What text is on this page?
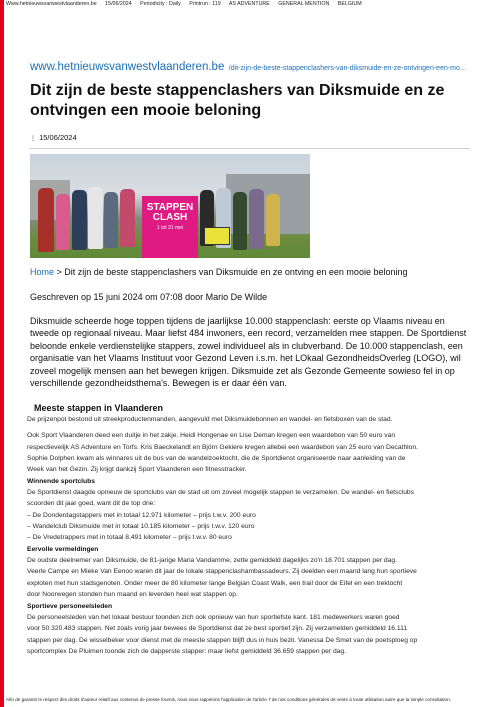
Www.hetnieuwsvanwestvlaanderen.be 15/06/2024 Periodicity : Daily Printrun : 119 AS ADVENTURE GENERAL MENTION BELGIUM
www.hetnieuwsvanwestvlaanderen.be /dit-zijn-de-beste-stappenclashers-van-diksmuide-en-ze-ontvingen-een-mo…
Dit zijn de beste stappenclashers van Diksmuide en ze ontvingen een mooie beloning
⋮ 15/06/2024
STAPPEN CLASH
1 tot 31 mei
Home > Dit zijn de beste stappenclashers van Diksmuide en ze ontving en een mooie beloning
Geschreven op 15 juni 2024 om 07:08 door Mario De Wilde

Diksmuide scheerde hoge toppen tijdens de jaarlijkse 10.000 stappenclash: eerste op Vlaams niveau en tweede op regionaal niveau. Maar liefst 484 inwoners, een record, verzamelden mee stappen. De Sportdienst beloonde enkele verdienstelijke stappers, zowel individueel als in clubverband. De 10.000 stappenclash, een organisatie van het Vlaams Instituut voor Gezond Leven i.s.m. het LOkaal GezondheidsOverleg (LOGO), wil zoveel mogelijk mensen aan het bewegen krijgen. Diksmuide zet als Gezonde Gemeente sowieso fel in op verschillende gezondheidsthema's. Bewegen is er daar één van.

Meeste stappen in Vlaanderen

De prijzenpot bestond uit streekproductenmanden, aangevuld met Diksmuidebonnen en wandel- en fietsboxen van de stad.

Ook Sport Vlaanderen deed een duitje in het zakje. Heidi Hongenae en Lise Deman kregen een waardebon van 50 euro van

respectievelijk AS Adventure en Torfs. Kris Baeckelandt en Björn Gekiere kregen allebei een waardebon van 25 euro van Decathlon.

Sophie Dolphen kwam als winnares uit de bus van de wandelzoektocht, die de Sportdienst organiseerde naar aanleiding van de

Week van het Gezin. Zij krijgt dankzij Sport Vlaanderen een fitnesstracker.

Winnende sportclubs

De Sportdienst daagde opnieuw de sportclubs van de stad uit om zoveel mogelijk stappen te verzamelen. De wandel- en fietsclubs

scoorden dit jaar goed, want dit de top drie:

– De Donderdagstappers met in totaal 12.971 kilometer – prijs t.w.v. 200 euro

– Wandelclub Diksmuide met in totaal 10.185 kilometer – prijs t.w.v. 120 euro

– De Vredetrappers met in totaal 8.491 kilometer – prijs t.w.v. 80 euro

Eervolle vermeldingen

De oudste deelnemer van Diksmuide, de 81-jarige Maria Vandamme, zette gemiddeld dagelijks zo'n 18.701 stappen per dag.

Veerle Campe en Mieke Van Eenoo waren dit jaar de lokale stappenclashambassadeurs. Zij deelden een maand lang hun sportieve

exploten met hun stadsgenoten. Onder meer de 80 kilometer lange Belgian Coast Walk, een trail door de Eifel en een trektocht

door Noorwegen stonden hun maand en leverden heel wat stappen op.

Sportieve personeelsleden

De personeelsleden van het lokaal bestuur toonden zich ook opnieuw van hun sportiefste kant. 181 medewerkers waren goed

voor 50.320.483 stappen. Net zoals vorig jaar bewees de Sportdienst dat ze best sportief zijn. Zij verzamelden gemiddeld 16.111

stappen per dag. De wisselbeker voor dienst met de meeste stappen blijft dus in huis bezit. Vanessa De Smet van de poetsploeg op

sportcomplex De Pluimen toonde zich de dapperste stapper: maar liefst gemiddeld 36.659 stappen per dag.

Afin de garantir le respect des droits d'auteur relatif aux contenus de presse fournis, nous vous rappelons l'application de l'article 7 de nos conditions générales de vente à toute utilisation autre que la simple consultation.
